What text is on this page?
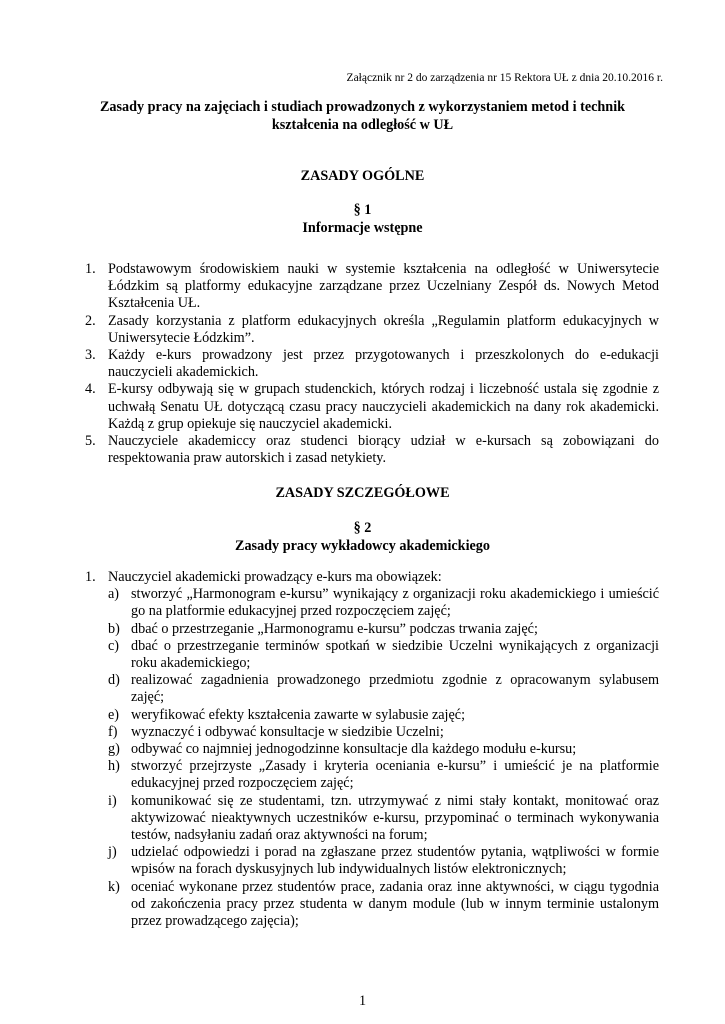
Załącznik nr 2 do zarządzenia nr 15 Rektora UŁ z dnia 20.10.2016 r.
Zasady pracy na zajęciach i studiach prowadzonych z wykorzystaniem metod i technik
kształcenia na odległość w UŁ
ZASADY OGÓLNE
§ 1
Informacje wstępne
1. Podstawowym środowiskiem nauki w systemie kształcenia na odległość w Uniwersytecie Łódzkim są platformy edukacyjne zarządzane przez Uczelniany Zespół ds. Nowych Metod Kształcenia UŁ.
2. Zasady korzystania z platform edukacyjnych określa „Regulamin platform edukacyjnych w Uniwersytecie Łódzkim”.
3. Każdy e-kurs prowadzony jest przez przygotowanych i przeszkolonych do e-edukacji nauczycieli akademickich.
4. E-kursy odbywają się w grupach studenckich, których rodzaj i liczebność ustala się zgodnie z uchwałą Senatu UŁ dotyczącą czasu pracy nauczycieli akademickich na dany rok akademicki. Każdą z grup opiekuje się nauczyciel akademicki.
5. Nauczyciele akademiccy oraz studenci biorący udział w e-kursach są zobowiązani do respektowania praw autorskich i zasad netykiety.
ZASADY SZCZEGÓŁOWE
§ 2
Zasady pracy wykładowcy akademickiego
1. Nauczyciel akademicki prowadzący e-kurs ma obowiązek:
a) stworzyć „Harmonogram e-kursu” wynikający z organizacji roku akademickiego i umieścić go na platformie edukacyjnej przed rozpoczęciem zajęć;
b) dbać o przestrzeganie „Harmonogramu e-kursu” podczas trwania zajęć;
c) dbać o przestrzeganie terminów spotkań w siedzibie Uczelni wynikających z organizacji roku akademickiego;
d) realizować zagadnienia prowadzonego przedmiotu zgodnie z opracowanym sylabusem zajęć;
e) weryfikować efekty kształcenia zawarte w sylabusie zajęć;
f) wyznaczyć i odbywać konsultacje w siedzibie Uczelni;
g) odbywać co najmniej jednogodzinne konsultacje dla każdego modułu e-kursu;
h) stworzyć przejrzyste „Zasady i kryteria oceniania e-kursu” i umieścić je na platformie edukacyjnej przed rozpoczęciem zajęć;
i) komunikować się ze studentami, tzn. utrzymywać z nimi stały kontakt, monitować oraz aktywizować nieaktywnych uczestników e-kursu, przypominać o terminach wykonywania testów, nadsyłaniu zadań oraz aktywności na forum;
j) udzielać odpowiedzi i porad na zgłaszane przez studentów pytania, wątpliwości w formie wpisów na forach dyskusyjnych lub indywidualnych listów elektronicznych;
k) oceniać wykonane przez studentów prace, zadania oraz inne aktywności, w ciągu tygodnia od zakończenia pracy przez studenta w danym module (lub w innym terminie ustalonym przez prowadzącego zajęcia);
1
